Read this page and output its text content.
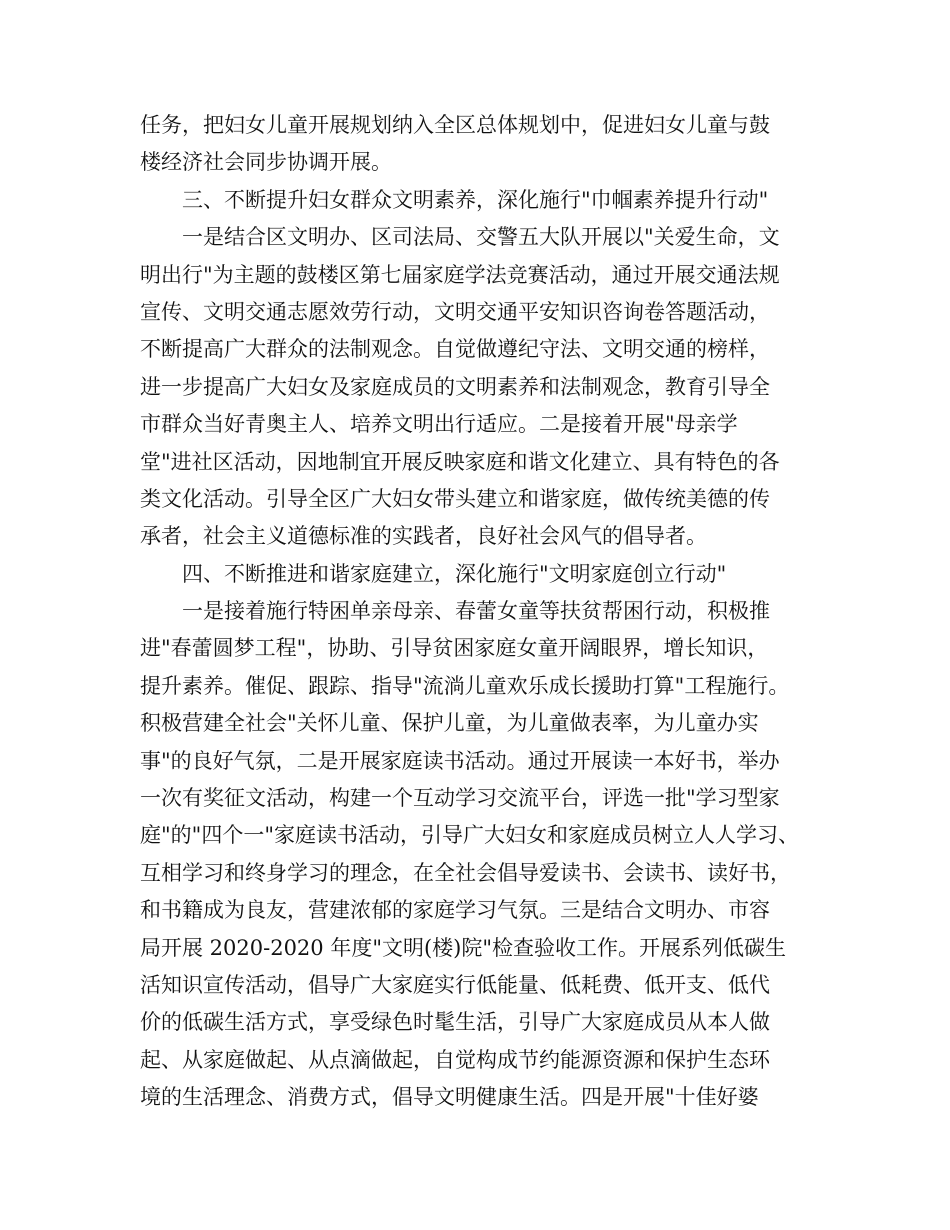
任务，把妇女儿童开展规划纳入全区总体规划中，促进妇女儿童与鼓
楼经济社会同步协调开展。
三、不断提升妇女群众文明素养，深化施行"巾帼素养提升行动"
一是结合区文明办、区司法局、交警五大队开展以"关爱生命，文
明出行"为主题的鼓楼区第七届家庭学法竞赛活动，通过开展交通法规
宣传、文明交通志愿效劳行动，文明交通平安知识咨询卷答题活动，
不断提高广大群众的法制观念。自觉做遵纪守法、文明交通的榜样，
进一步提高广大妇女及家庭成员的文明素养和法制观念，教育引导全
市群众当好青奥主人、培养文明出行适应。二是接着开展"母亲学
堂"进社区活动，因地制宜开展反映家庭和谐文化建立、具有特色的各
类文化活动。引导全区广大妇女带头建立和谐家庭，做传统美德的传
承者，社会主义道德标准的实践者，良好社会风气的倡导者。
四、不断推进和谐家庭建立，深化施行"文明家庭创立行动"
一是接着施行特困单亲母亲、春蕾女童等扶贫帮困行动，积极推
进"春蕾圆梦工程"，协助、引导贫困家庭女童开阔眼界，增长知识，
提升素养。催促、跟踪、指导"流淌儿童欢乐成长援助打算"工程施行。
积极营建全社会"关怀儿童、保护儿童，为儿童做表率，为儿童办实
事"的良好气氛，二是开展家庭读书活动。通过开展读一本好书，举办
一次有奖征文活动，构建一个互动学习交流平台，评选一批"学习型家
庭"的"四个一"家庭读书活动，引导广大妇女和家庭成员树立人人学习、
互相学习和终身学习的理念，在全社会倡导爱读书、会读书、读好书，
和书籍成为良友，营建浓郁的家庭学习气氛。三是结合文明办、市容
局开展 2020-2020 年度"文明(楼)院"检查验收工作。开展系列低碳生
活知识宣传活动，倡导广大家庭实行低能量、低耗费、低开支、低代
价的低碳生活方式，享受绿色时髦生活，引导广大家庭成员从本人做
起、从家庭做起、从点滴做起，自觉构成节约能源资源和保护生态环
境的生活理念、消费方式，倡导文明健康生活。四是开展"十佳好婆
